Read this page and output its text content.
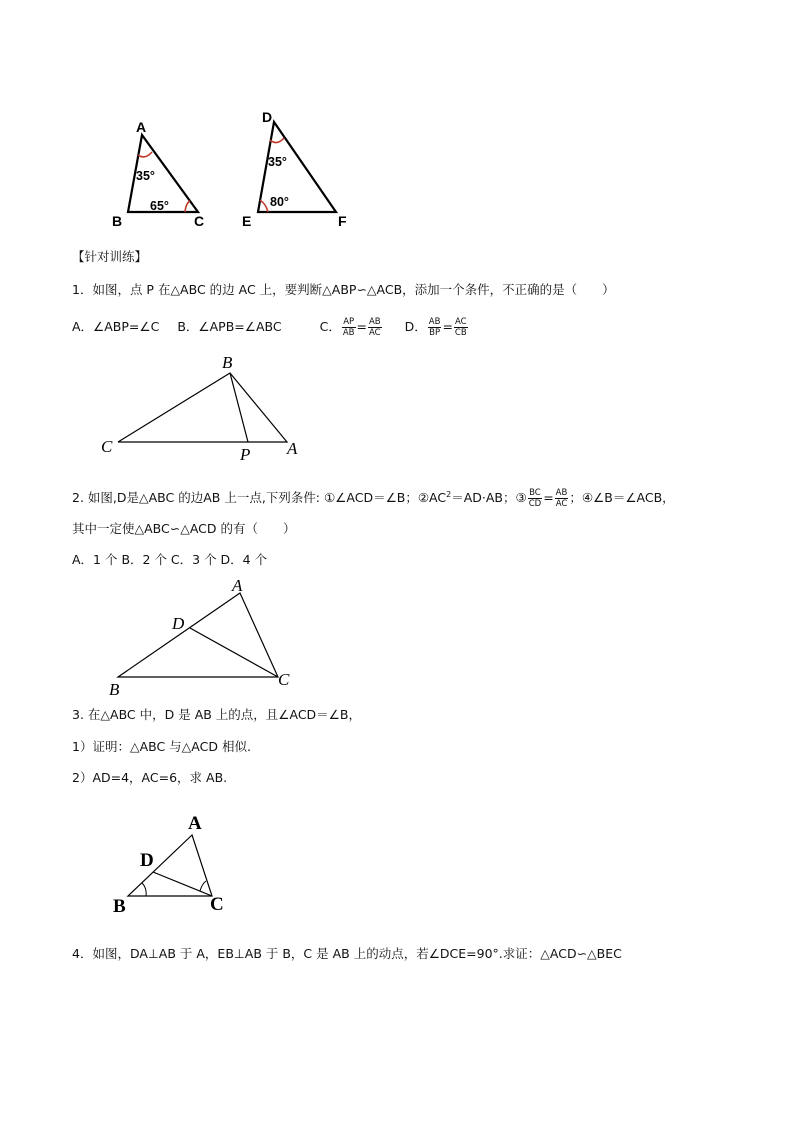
A
B	C
35°
65°
D
E	F
35°
80°
【针对训练】
1．如图，点 P 在△ABC 的边 AC 上，要判断△ABP∽△ACB，添加一个条件，不正确的是（　　）
A．∠ABP=∠C B．∠APB=∠ABC	C． $\frac{AP}{AB} = \frac{AB}{AC}$ D． $\frac{AB}{BP} = \frac{AC}{CB}$
B
C	P A
2. 如图,D是△ABC 的边AB 上一点,下列条件: ①∠ACD＝∠B；$②AC^2=AD\cdot AB$；③ $\frac{BC}{CD} = \frac{AB}{AC}$ ；④∠B＝∠ACB，
其中一定使△ABC∽△ACD 的有（　　）
A．1 个 B．2 个 C．3 个 D．4 个
A
D
B
C
3. 在△ABC 中，D 是 AB 上的点，且∠ACD＝∠B，
1）证明：△ABC 与△ACD 相似.
2）AD=4，AC=6，求 AB.
A
D
B	C
4．如图，DA⊥AB 于 A，EB⊥AB 于 B，C 是 AB 上的动点，若∠DCE=90°.求证：△ACD∽△BEC
